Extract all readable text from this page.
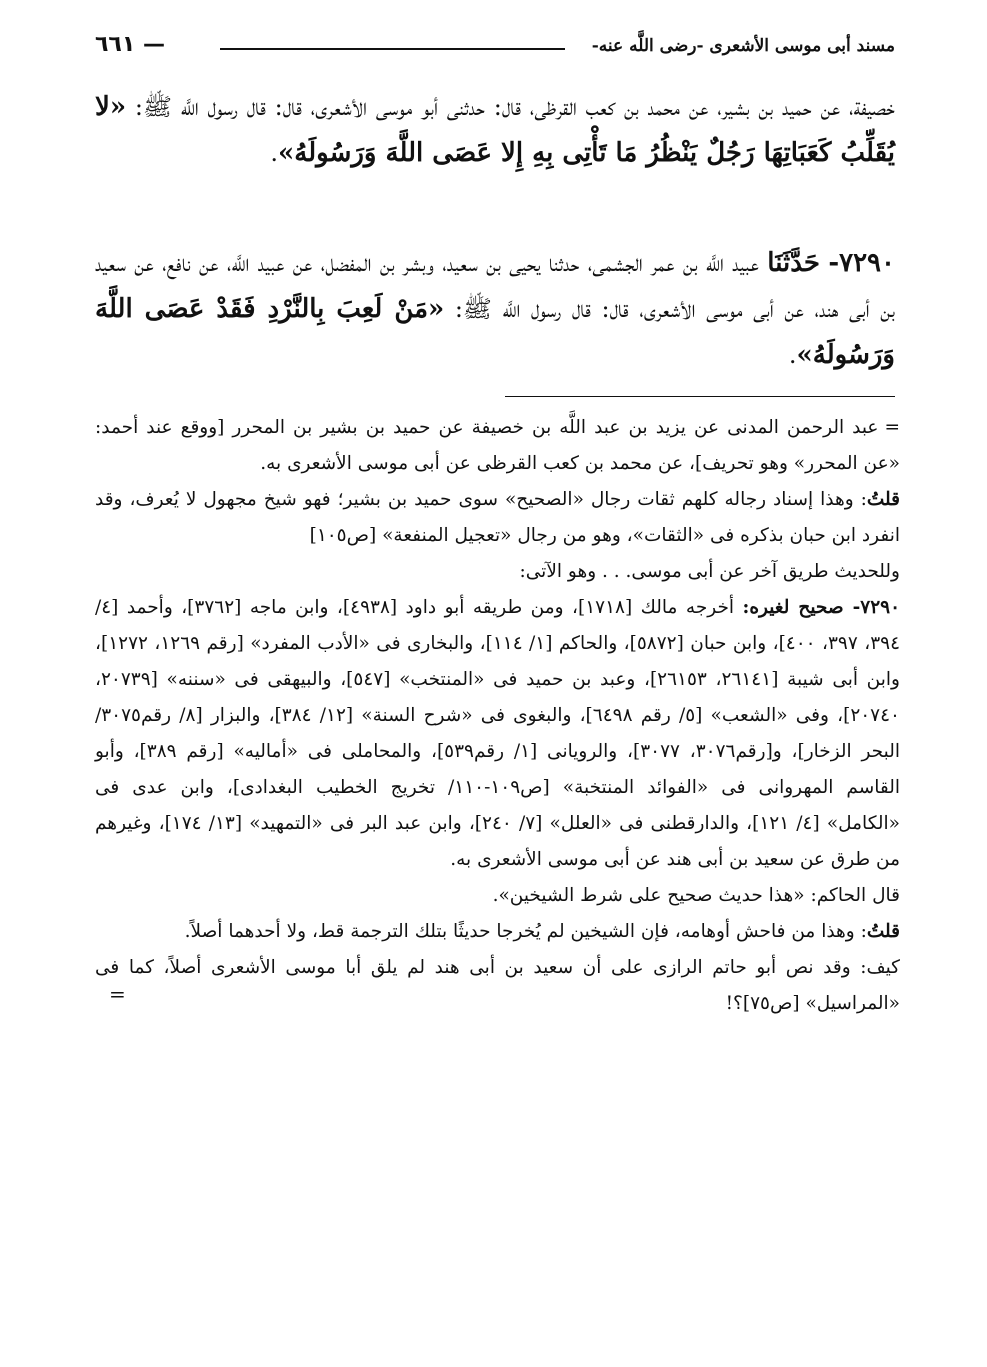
مسند أبى موسى الأشعرى -رضى اللَّه عنه-
٦٦١ —
خصيفة، عن حميد بن بشير، عن محمد بن كعب القرظى، قال: حدثنى أبو موسى الأشعرى، قال: قال رسول اللَّه ﷺ: «لا يُقَلِّبُ كَعَبَاتِهَا رَجُلٌ يَنْظُرُ مَا تَأْتِى بِهِ إِلا عَصَى اللَّهَ وَرَسُولَهُ».
٧٢٩٠- حَدَّثَنَا عبيد اللَّه بن عمر الجشمى، حدثنا يحيى بن سعيد، وبشر بن المفضل، عن عبيد اللَّه، عن نافع، عن سعيد بن أبى هند، عن أبى موسى الأشعرى، قال: قال رسول اللَّه ﷺ: «مَنْ لَعِبَ بِالنَّرْدِ فَقَدْ عَصَى اللَّهَ وَرَسُولَهُ».

=عبد الرحمن المدنى عن يزيد بن عبد اللَّه بن خصيفة عن حميد بن بشير بن المحرر [ووقع عند أحمد: «عن المحرر» وهو تحريف]، عن محمد بن كعب القرظى عن أبى موسى الأشعرى به.

قلتُ: وهذا إسناد رجاله كلهم ثقات رجال «الصحيح» سوى حميد بن بشير؛ فهو شيخ مجهول لا يُعرف، وقد انفرد ابن حبان بذكره فى «الثقات»، وهو من رجال «تعجيل المنفعة» [ص١٠٥]

وللحديث طريق آخر عن أبى موسى. . . وهو الآتى:

٧٢٩٠- صحيح لغيره: أخرجه مالك [١٧١٨]، ومن طريقه أبو داود [٤٩٣٨]، وابن ماجه [٣٧٦٢]، وأحمد [٤/ ٣٩٤، ٣٩٧، ٤٠٠]، وابن حبان [٥٨٧٢]، والحاكم [١/ ١١٤]، والبخارى فى «الأدب المفرد» [رقم ١٢٦٩، ١٢٧٢]، وابن أبى شيبة [٢٦١٤١، ٢٦١٥٣]، وعبد بن حميد فى «المنتخب» [٥٤٧]، والبيهقى فى «سننه» [٢٠٧٣٩، ٢٠٧٤٠]، وفى «الشعب» [٥/ رقم ٦٤٩٨]، والبغوى فى «شرح السنة» [١٢/ ٣٨٤]، والبزار [٨/ رقم٣٠٧٥/ البحر الزخار]، و[رقم٣٠٧٦، ٣٠٧٧]، والرويانى [١/ رقم٥٣٩]، والمحاملى فى «أماليه» [رقم ٣٨٩]، وأبو القاسم المهروانى فى «الفوائد المنتخبة» [ص١٠٩-١١٠/ تخريج الخطيب البغدادى]، وابن عدى فى «الكامل» [٤/ ١٢١]، والدارقطنى فى «العلل» [٧/ ٢٤٠]، وابن عبد البر فى «التمهيد» [١٣/ ١٧٤]، وغيرهم من طرق عن سعيد بن أبى هند عن أبى موسى الأشعرى به.

قال الحاكم: «هذا حديث صحيح على شرط الشيخين».

قلتُ: وهذا من فاحش أوهامه، فإن الشيخين لم يُخرجا حديثًا بتلك الترجمة قط، ولا أحدهما أصلاً.

كيف: وقد نص أبو حاتم الرازى على أن سعيد بن أبى هند لم يلق أبا موسى الأشعرى أصلاً، كما فى «المراسيل» [ص٧٥]؟!

=
